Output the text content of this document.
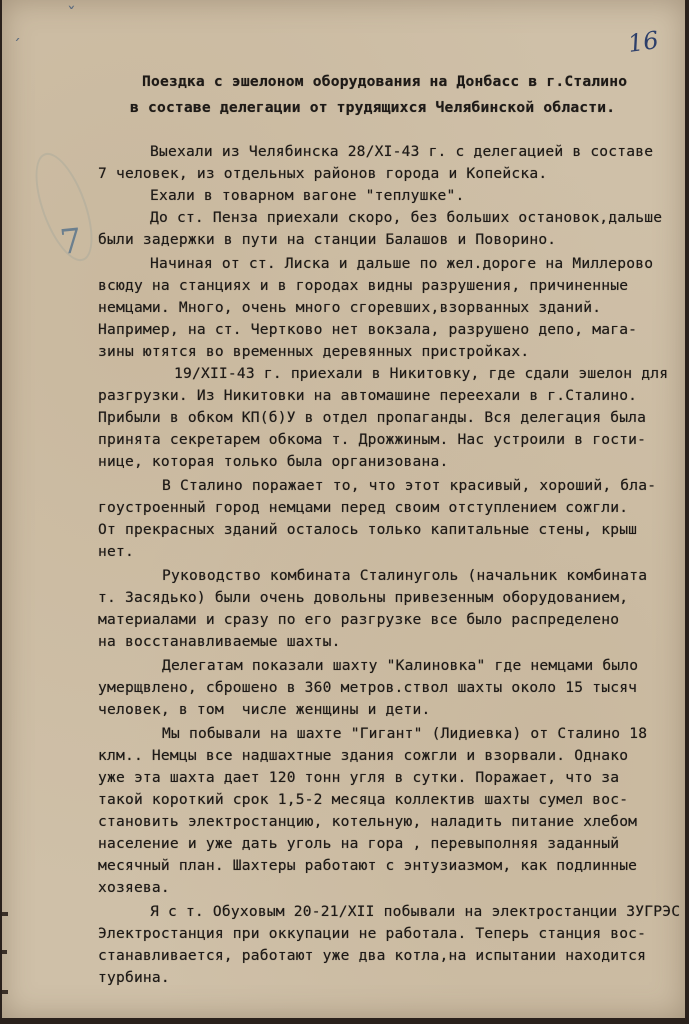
ˇ
´
7
16

Поездка с эшелоном оборудования на Донбасс в г.Сталино

в составе делегации от трудящихся Челябинской области.

Выехали из Челябинска 28/XI-43 г. с делегацией в составе

7 человек, из отдельных районов города и Копейска.

Ехали в товарном вагоне "теплушке".

До ст. Пенза приехали скоро, без больших остановок,дальше

были задержки в пути на станции Балашов и Поворино.

Начиная от ст. Лиска и дальше по жел.дороге на Миллерово

всюду на станциях и в городах видны разрушения, причиненные

немцами. Много, очень много сгоревших,взорванных зданий.

Например, на ст. Чертково нет вокзала, разрушено депо, мага-

зины ютятся во временных деревянных пристройках.

19/XII-43 г. приехали в Никитовку, где сдали эшелон для

разгрузки. Из Никитовки на автомашине переехали в г.Сталино.

Прибыли в обком КП(б)У в отдел пропаганды. Вся делегация была

принята секретарем обкома т. Дрожжиным. Нас устроили в гости-

нице, которая только была организована.

В Сталино поражает то, что этот красивый, хороший, бла-

гоустроенный город немцами перед своим отступлением сожгли.

От прекрасных зданий осталось только капитальные стены, крыш

нет.

Руководство комбината Сталинуголь (начальник комбината

т. Засядько) были очень довольны привезенным оборудованием,

материалами и сразу по его разгрузке все было распределено

на восстанавливаемые шахты.

Делегатам показали шахту "Калиновка" где немцами было

умерщвлено, сброшено в 360 метров.ствол шахты около 15 тысяч

человек, в том  числе женщины и дети.

Мы побывали на шахте "Гигант" (Лидиевка) от Сталино 18

клм.. Немцы все надшахтные здания сожгли и взорвали. Однако

уже эта шахта дает 120 тонн угля в сутки. Поражает, что за

такой короткий срок 1,5-2 месяца коллектив шахты сумел вос-

становить электростанцию, котельную, наладить питание хлебом

население и уже дать уголь на гора , перевыполняя заданный

месячный план. Шахтеры работают с энтузиазмом, как подлинные

хозяева.

Я с т. Обуховым 20-21/XII побывали на электростанции ЗУГРЭС

Электростанция при оккупации не работала. Теперь станция вос-

станавливается, работают уже два котла,на испытании находится

турбина.
